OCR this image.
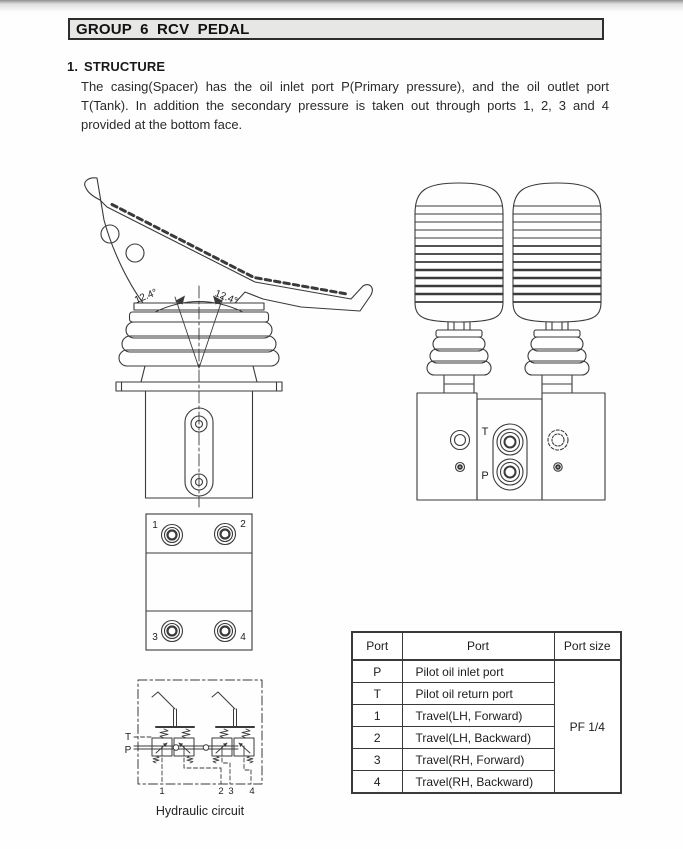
GROUP 6 RCV PEDAL
1. STRUCTURE

The casing(Spacer) has the oil inlet port P(Primary pressure), and the oil outlet port T(Tank). In addition the secondary pressure is taken out through ports 1, 2, 3 and 4 provided at the bottom face.

12.4°	12.4°
T
P
1	2
3	4
T
P
1	2 3 4
Hydraulic circuit
Port	Port	Port size
P	Pilot oil inlet port	PF 1/4
T	Pilot oil return port	
1	Travel(LH, Forward)	
2	Travel(LH, Backward)	
3	Travel(RH, Forward)	
4	Travel(RH, Backward)	
